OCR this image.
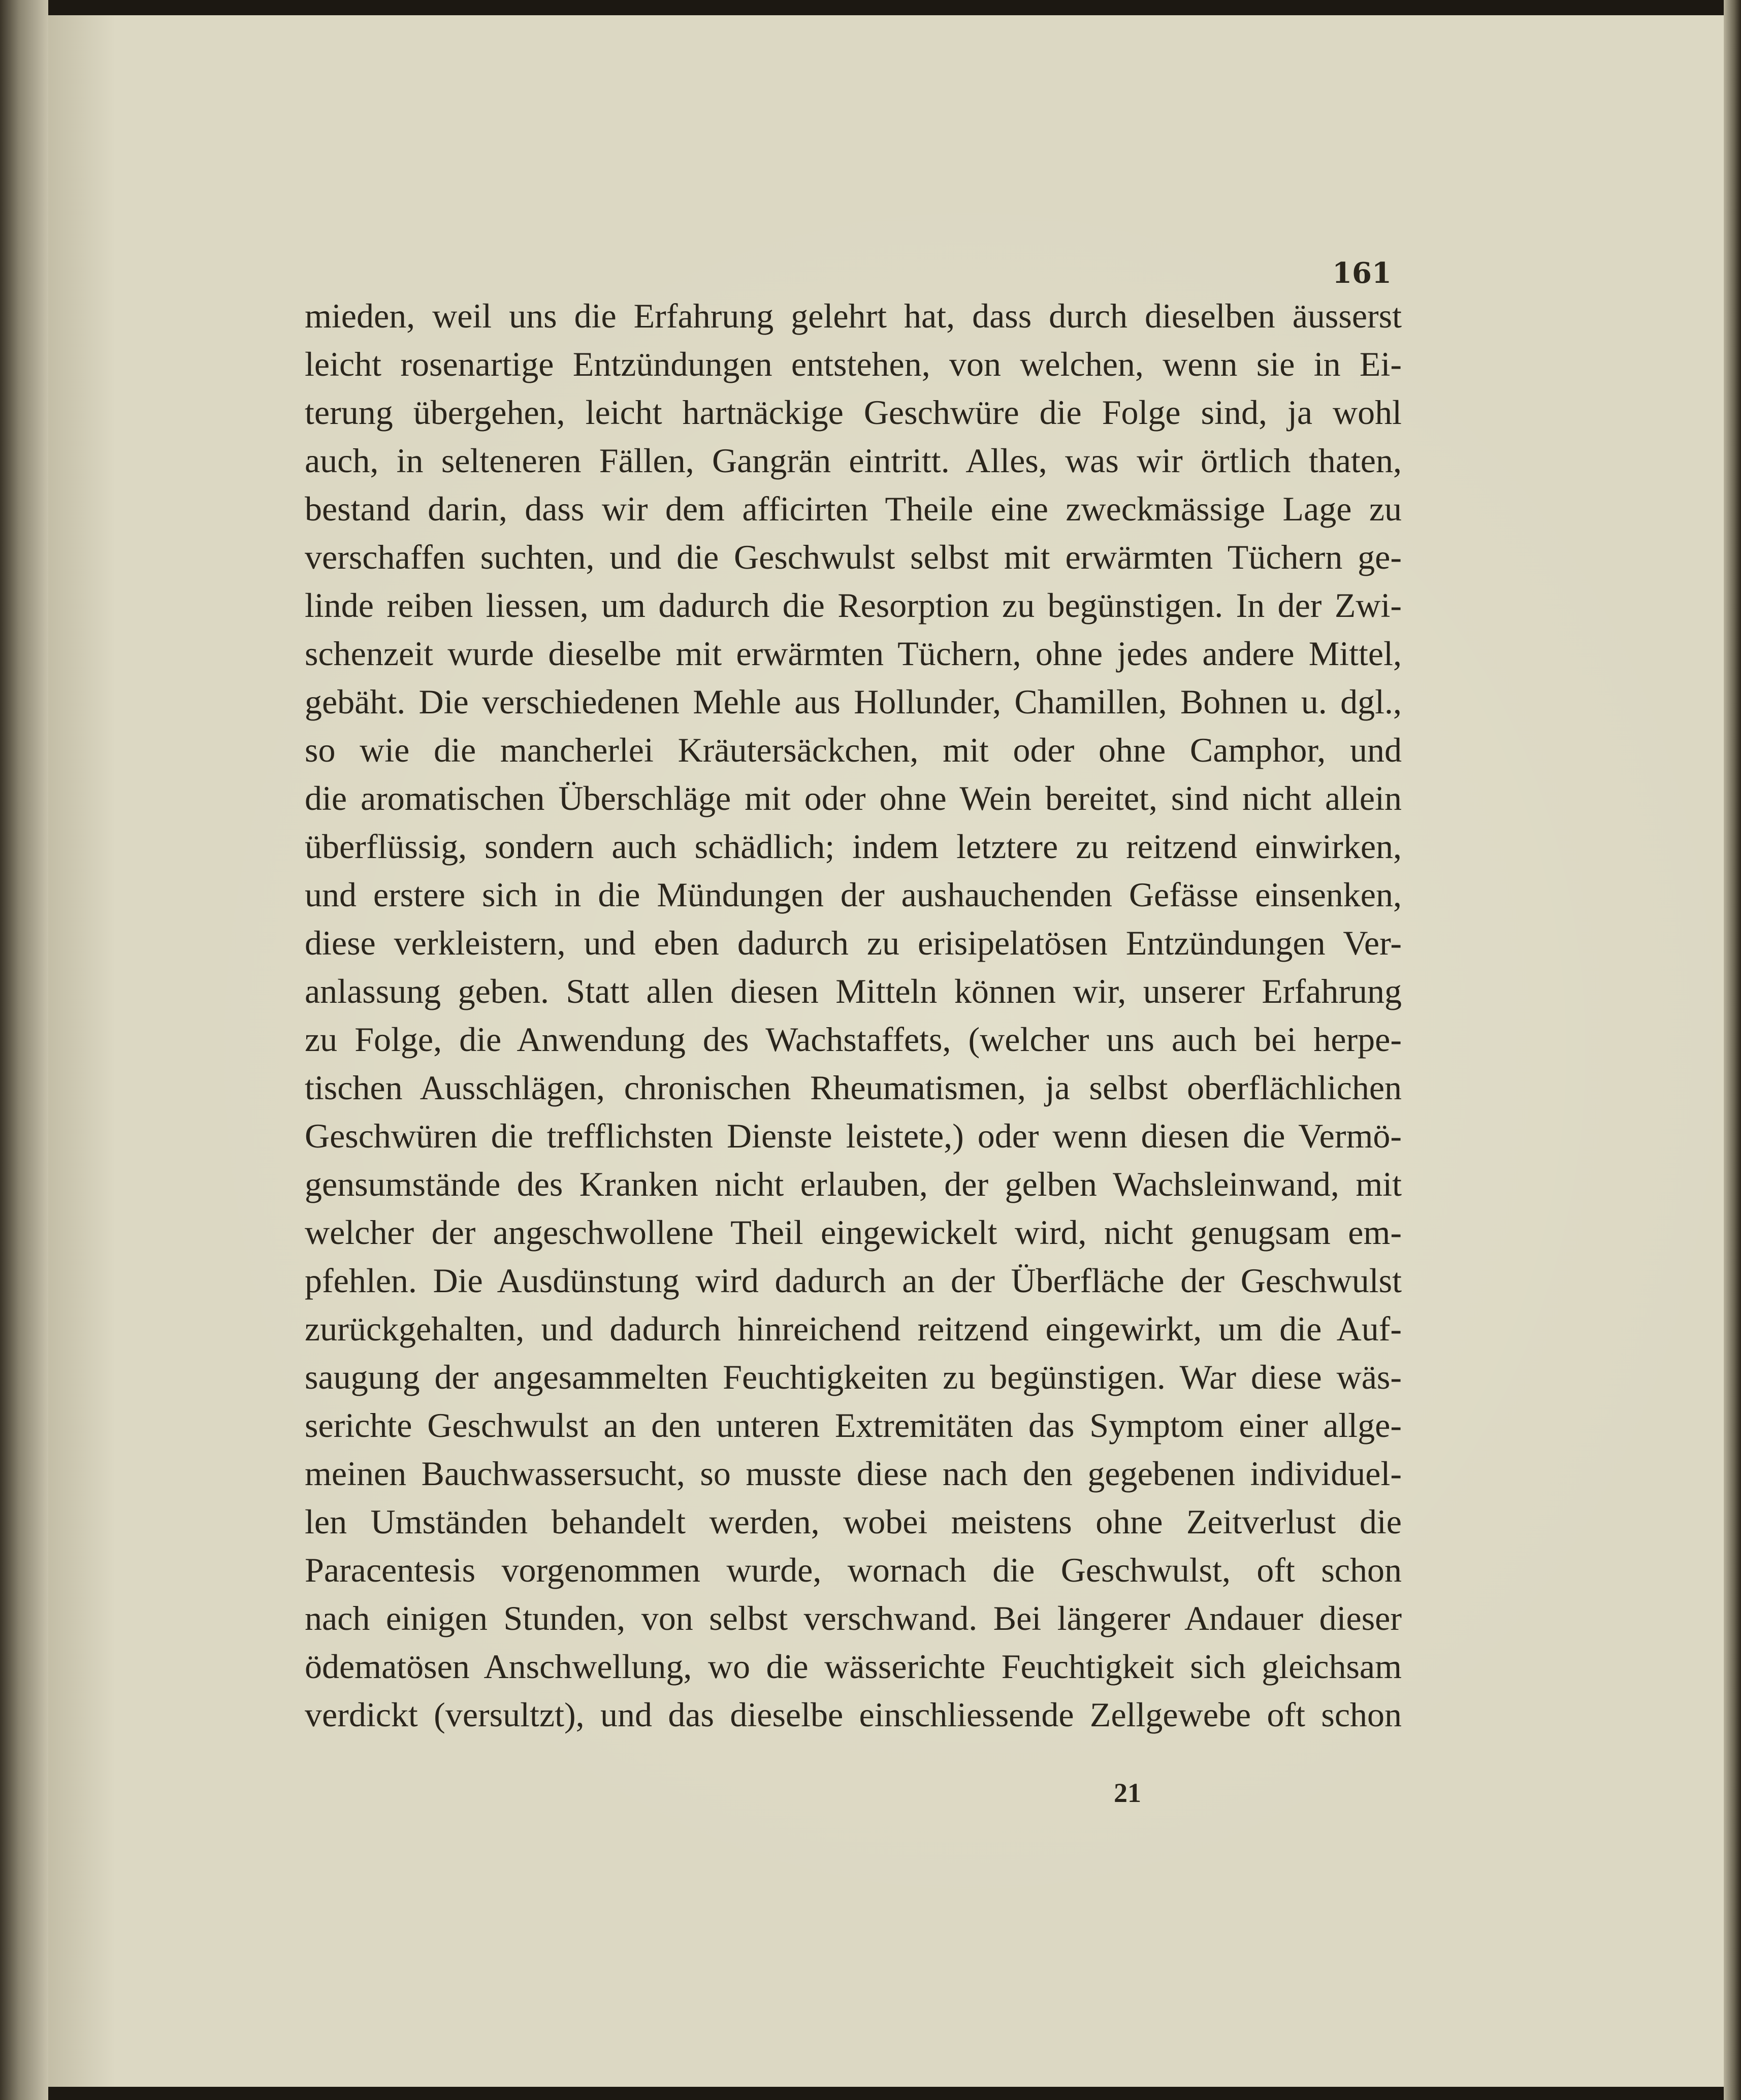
161
mieden, weil uns die Erfahrung gelehrt hat, dass durch dieselben äusserst
leicht rosenartige Entzündungen entstehen, von welchen, wenn sie in Ei-
terung übergehen, leicht hartnäckige Geschwüre die Folge sind, ja wohl
auch, in selteneren Fällen, Gangrän eintritt. Alles, was wir örtlich thaten,
bestand darin, dass wir dem afficirten Theile eine zweckmässige Lage zu
verschaffen suchten, und die Geschwulst selbst mit erwärmten Tüchern ge-
linde reiben liessen, um dadurch die Resorption zu begünstigen. In der Zwi-
schenzeit wurde dieselbe mit erwärmten Tüchern, ohne jedes andere Mittel,
gebäht. Die verschiedenen Mehle aus Hollunder, Chamillen, Bohnen u. dgl.,
so wie die mancherlei Kräutersäckchen, mit oder ohne Camphor, und
die aromatischen Überschläge mit oder ohne Wein bereitet, sind nicht allein
überflüssig, sondern auch schädlich; indem letztere zu reitzend einwirken,
und erstere sich in die Mündungen der aushauchenden Gefässe einsenken,
diese verkleistern, und eben dadurch zu erisipelatösen Entzündungen Ver-
anlassung geben. Statt allen diesen Mitteln können wir, unserer Erfahrung
zu Folge, die Anwendung des Wachstaffets, (welcher uns auch bei herpe-
tischen Ausschlägen, chronischen Rheumatismen, ja selbst oberflächlichen
Geschwüren die trefflichsten Dienste leistete,) oder wenn diesen die Vermö-
gensumstände des Kranken nicht erlauben, der gelben Wachsleinwand, mit
welcher der angeschwollene Theil eingewickelt wird, nicht genugsam em-
pfehlen. Die Ausdünstung wird dadurch an der Überfläche der Geschwulst
zurückgehalten, und dadurch hinreichend reitzend eingewirkt, um die Auf-
saugung der angesammelten Feuchtigkeiten zu begünstigen. War diese wäs-
serichte Geschwulst an den unteren Extremitäten das Symptom einer allge-
meinen Bauchwassersucht, so musste diese nach den gegebenen individuel-
len Umständen behandelt werden, wobei meistens ohne Zeitverlust die
Paracentesis vorgenommen wurde, wornach die Geschwulst, oft schon
nach einigen Stunden, von selbst verschwand. Bei längerer Andauer dieser
ödematösen Anschwellung, wo die wässerichte Feuchtigkeit sich gleichsam
verdickt (versultzt), und das dieselbe einschliessende Zellgewebe oft schon
21
